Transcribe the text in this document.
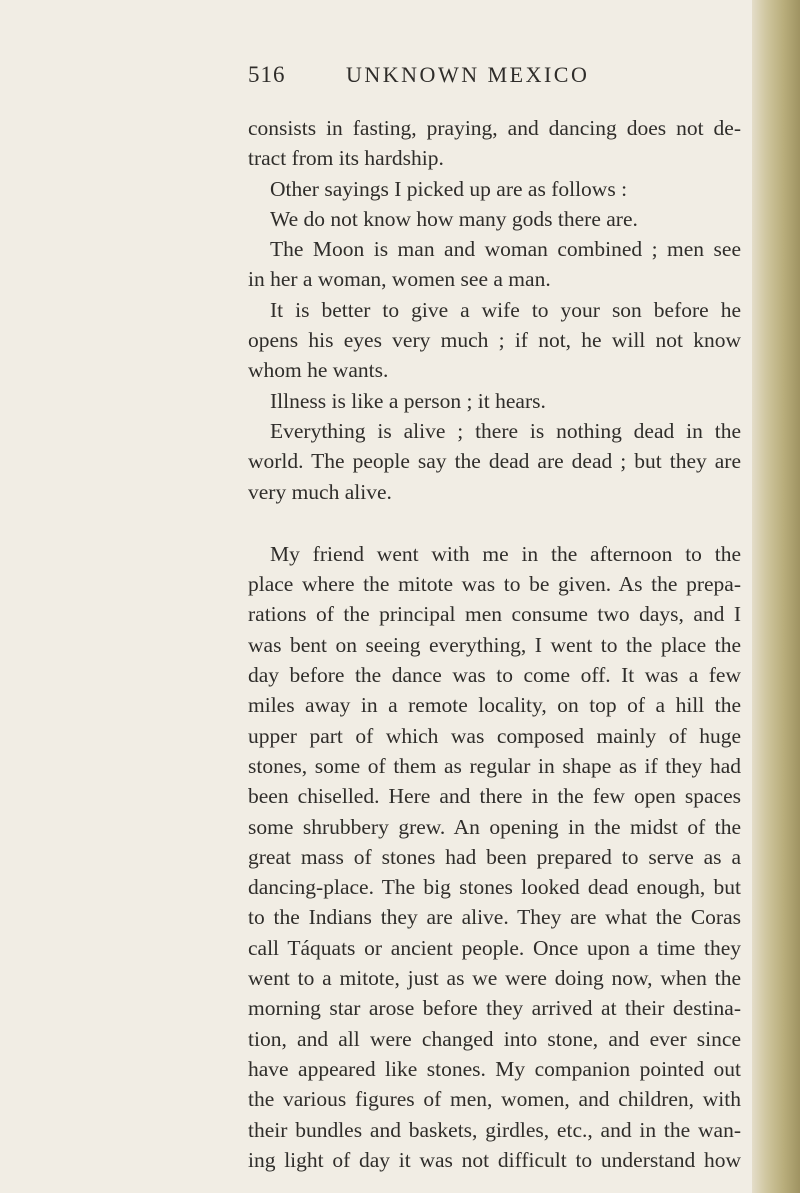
516	UNKNOWN MEXICO
consists in fasting, praying, and dancing does not de-
tract from its hardship.
Other sayings I picked up are as follows :
We do not know how many gods there are.
The Moon is man and woman combined ; men see
in her a woman, women see a man.
It is better to give a wife to your son before he
opens his eyes very much ; if not, he will not know
whom he wants.
Illness is like a person ; it hears.
Everything is alive ; there is nothing dead in the
world. The people say the dead are dead ; but they are
very much alive.
My friend went with me in the afternoon to the
place where the mitote was to be given. As the prepa-
rations of the principal men consume two days, and I
was bent on seeing everything, I went to the place the
day before the dance was to come off. It was a few
miles away in a remote locality, on top of a hill the
upper part of which was composed mainly of huge
stones, some of them as regular in shape as if they had
been chiselled. Here and there in the few open spaces
some shrubbery grew. An opening in the midst of the
great mass of stones had been prepared to serve as a
dancing-place. The big stones looked dead enough, but
to the Indians they are alive. They are what the Coras
call Táquats or ancient people. Once upon a time they
went to a mitote, just as we were doing now, when the
morning star arose before they arrived at their destina-
tion, and all were changed into stone, and ever since
have appeared like stones. My companion pointed out
the various figures of men, women, and children, with
their bundles and baskets, girdles, etc., and in the wan-
ing light of day it was not difficult to understand how
